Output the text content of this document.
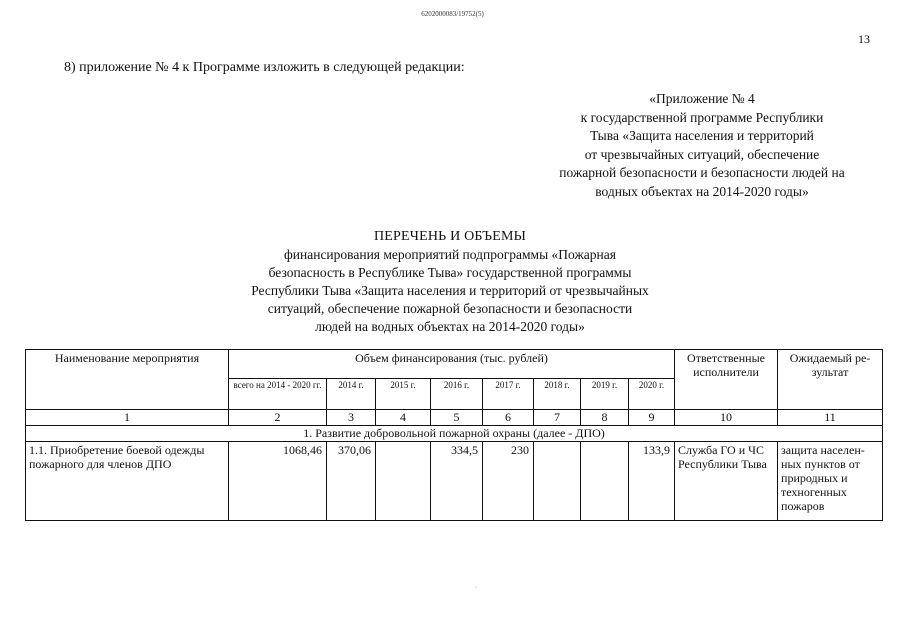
6202000083/19752(5)
13
8) приложение № 4 к Программе изложить в следующей редакции:
«Приложение № 4
к государственной программе Республики
Тыва «Защита населения и территорий
от чрезвычайных ситуаций, обеспечение
пожарной безопасности и безопасности людей на
водных объектах на 2014-2020 годы»
ПЕРЕЧЕНЬ И ОБЪЕМЫ
финансирования мероприятий подпрограммы «Пожарная
безопасность в Республике Тыва» государственной программы
Республики Тыва «Защита населения и территорий от чрезвычайных
ситуаций, обеспечение пожарной безопасности и безопасности
людей на водных объектах на 2014-2020 годы»
Наименование мероприятия	Объем финансирования (тыс. рублей)								Ответственные исполнители	Ожидаемый ре-зультат
	всего на 2014 - 2020 гг.	2014 г.	2015 г.	2016 г.	2017 г.	2018 г.	2019 г.	2020 г.		
1	2	3	4	5	6	7	8	9	10	11
1. Развитие добровольной пожарной охраны (далее - ДПО)										
1.1. Приобретение боевой одежды пожарного для членов ДПО	1068,46	370,06		334,5	230			133,9	Служба ГО и ЧС Республики Тыва	защита населен-ных пунктов от природных и техногенных пожаров
·
